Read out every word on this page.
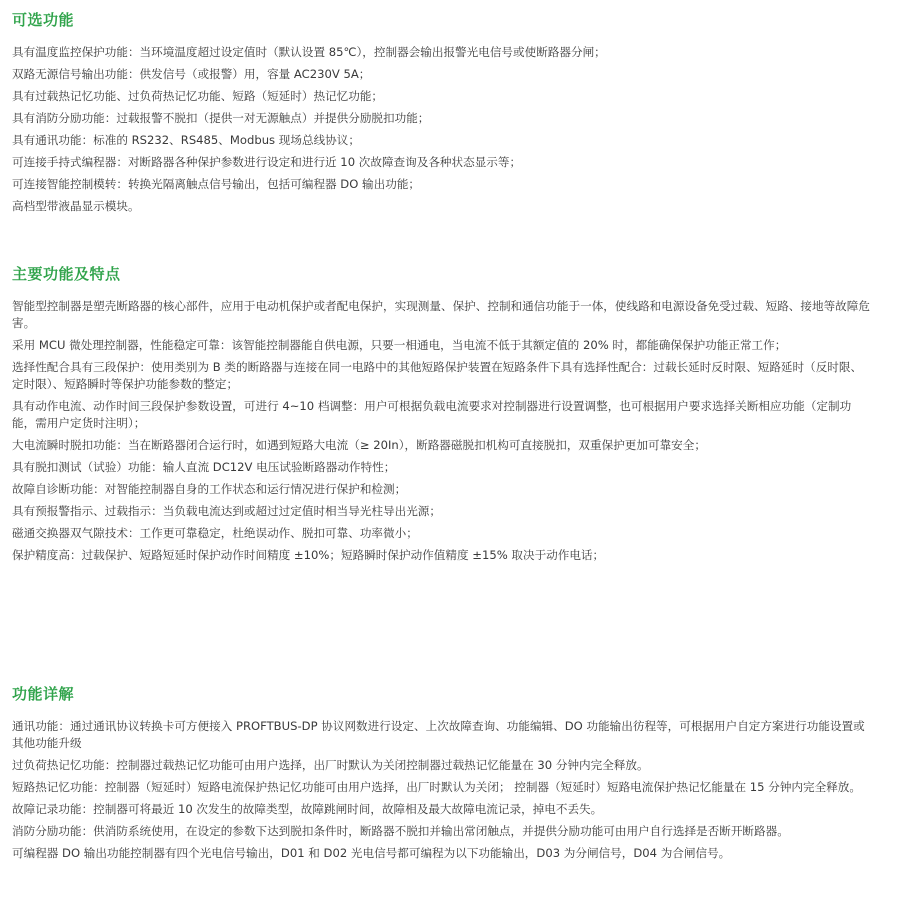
可选功能
具有温度监控保护功能：当环境温度超过设定值时（默认设置 85℃），控制器会输出报警光电信号或使断路器分闸；
双路无源信号输出功能：供发信号（或报警）用，容量 AC230V 5A；
具有过载热记忆功能、过负荷热记忆功能、短路（短延时）热记忆功能；
具有消防分励功能：过载报警不脱扣（提供一对无源触点）并提供分励脱扣功能；
具有通讯功能：标准的 RS232、RS485、Modbus 现场总线协议；
可连接手持式编程器：对断路器各种保护参数进行设定和进行近 10 次故障查询及各种状态显示等；
可连接智能控制模转：转换光隔离触点信号输出，包括可编程器 DO 输出功能；
高档型带液晶显示模块。
主要功能及特点
智能型控制器是塑壳断路器的核心部件，应用于电动机保护或者配电保护，实现测量、保护、控制和通信功能于一体，使线路和电源设备免受过载、短路、接地等故障危害。
采用 MCU 微处理控制器，性能稳定可靠：该智能控制器能自供电源，只要一相通电，当电流不低于其额定值的 20% 时，都能确保保护功能正常工作；
选择性配合具有三段保护：使用类别为 B 类的断路器与连接在同一电路中的其他短路保护装置在短路条件下具有选择性配合：过载长延时反时限、短路延时（反时限、定时限）、短路瞬时等保护功能参数的整定；
具有动作电流、动作时间三段保护参数设置，可进行 4~10 档调整：用户可根据负载电流要求对控制器进行设置调整，也可根据用户要求选择关断相应功能（定制功能，需用户定货时注明）；
大电流瞬时脱扣功能：当在断路器闭合运行时，如遇到短路大电流（≥ 20In），断路器磁脱扣机构可直接脱扣，双重保护更加可靠安全；
具有脱扣测试（试验）功能：输人直流 DC12V 电压试验断路器动作特性；
故障自诊断功能：对智能控制器自身的工作状态和运行情况进行保护和检测；
具有预报警指示、过载指示：当负载电流达到或超过过定值时相当导光柱导出光源；
磁通交换器双气隙技术：工作更可靠稳定，杜绝误动作、脱扣可靠、功率微小；
保护精度高：过载保护、短路短延时保护动作时间精度 ±10%；短路瞬时保护动作值精度 ±15% 取决于动作电话；
功能详解
通讯功能：通过通讯协议转换卡可方便接入 PROFTBUS-DP 协议网数进行设定、上次故障查询、功能编辑、DO 功能输出彷程等，可根据用户自定方案进行功能设置或其他功能升级
过负荷热记忆功能：控制器过载热记忆功能可由用户选择，出厂时默认为关闭控制器过载热记忆能量在 30 分钟内完全释放。
短路热记忆功能：控制器（短延时）短路电流保护热记忆功能可由用户选择，出厂时默认为关闭； 控制器（短延时）短路电流保护热记忆能量在 15 分钟内完全释放。
故障记录功能：控制器可将最近 10 次发生的故障类型，故障跳闸时间，故障相及最大故障电流记录，掉电不丢失。
消防分励功能：供消防系统使用，在设定的参数下达到脱扣条件时，断路器不脱扣并输出常闭触点，并提供分励功能可由用户自行选择是否断开断路器。
可编程器 DO 输出功能控制器有四个光电信号输出，D01 和 D02 光电信号都可编程为以下功能输出，D03 为分闸信号，D04 为合闸信号。
